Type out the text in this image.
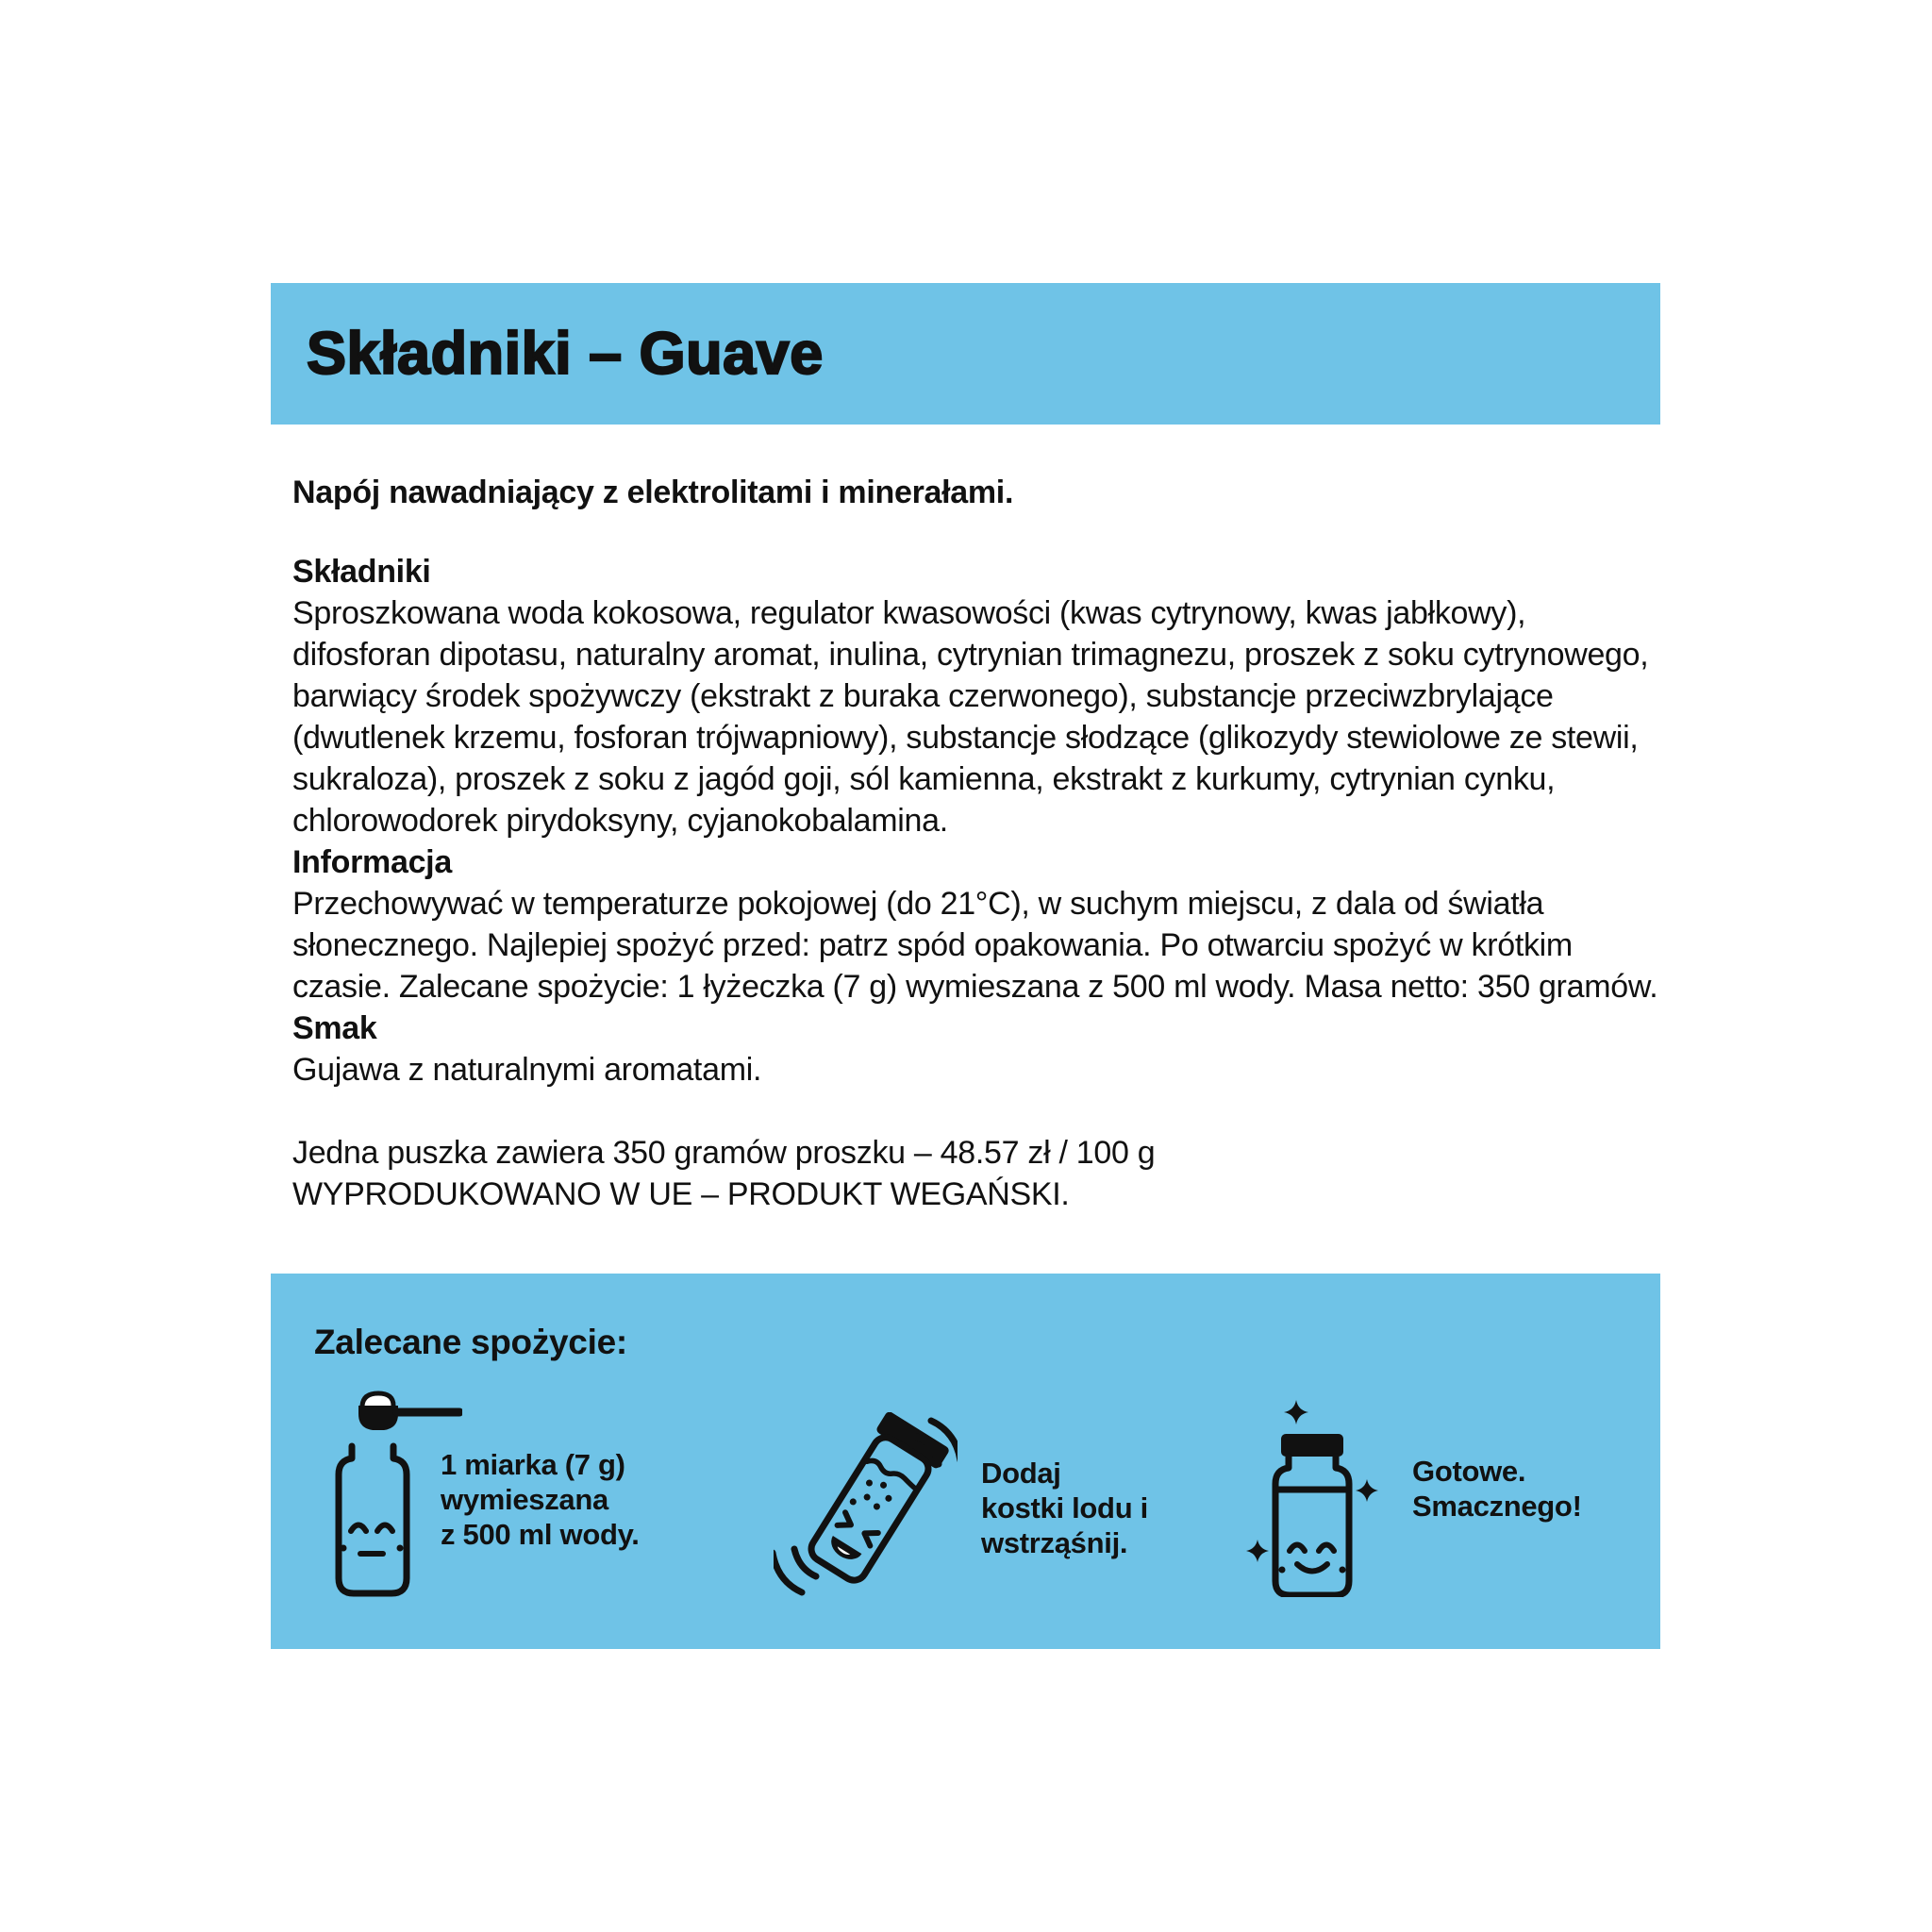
Składniki – Guave

Napój nawadniający z elektrolitami i minerałami.

Składniki
Sproszkowana woda kokosowa, regulator kwasowości (kwas cytrynowy, kwas jabłkowy), difosforan dipotasu, naturalny aromat, inulina, cytrynian trimagnezu, proszek z soku cytrynowego, barwiący środek spożywczy (ekstrakt z buraka czerwonego), substancje przeciwzbrylające (dwutlenek krzemu, fosforan trójwapniowy), substancje słodzące (glikozydy stewiolowe ze stewii, sukraloza), proszek z soku z jagód goji, sól kamienna, ekstrakt z kurkumy, cytrynian cynku, chlorowodorek pirydoksyny, cyjanokobalamina.
Informacja
Przechowywać w temperaturze pokojowej (do 21°C), w suchym miejscu, z dala od światła słonecznego. Najlepiej spożyć przed: patrz spód opakowania. Po otwarciu spożyć w krótkim czasie. Zalecane spożycie: 1 łyżeczka (7 g) wymieszana z 500 ml wody. Masa netto: 350 gramów.
Smak
Gujawa z naturalnymi aromatami.
Jedna puszka zawiera 350 gramów proszku – 48.57 zł / 100 g
WYPRODUKOWANO W UE – PRODUKT WEGAŃSKI.
Zalecane spożycie:
1 miarka (7 g)
wymieszana
z 500 ml wody.
Dodaj
kostki lodu i
wstrząśnij.
Gotowe.
Smacznego!
